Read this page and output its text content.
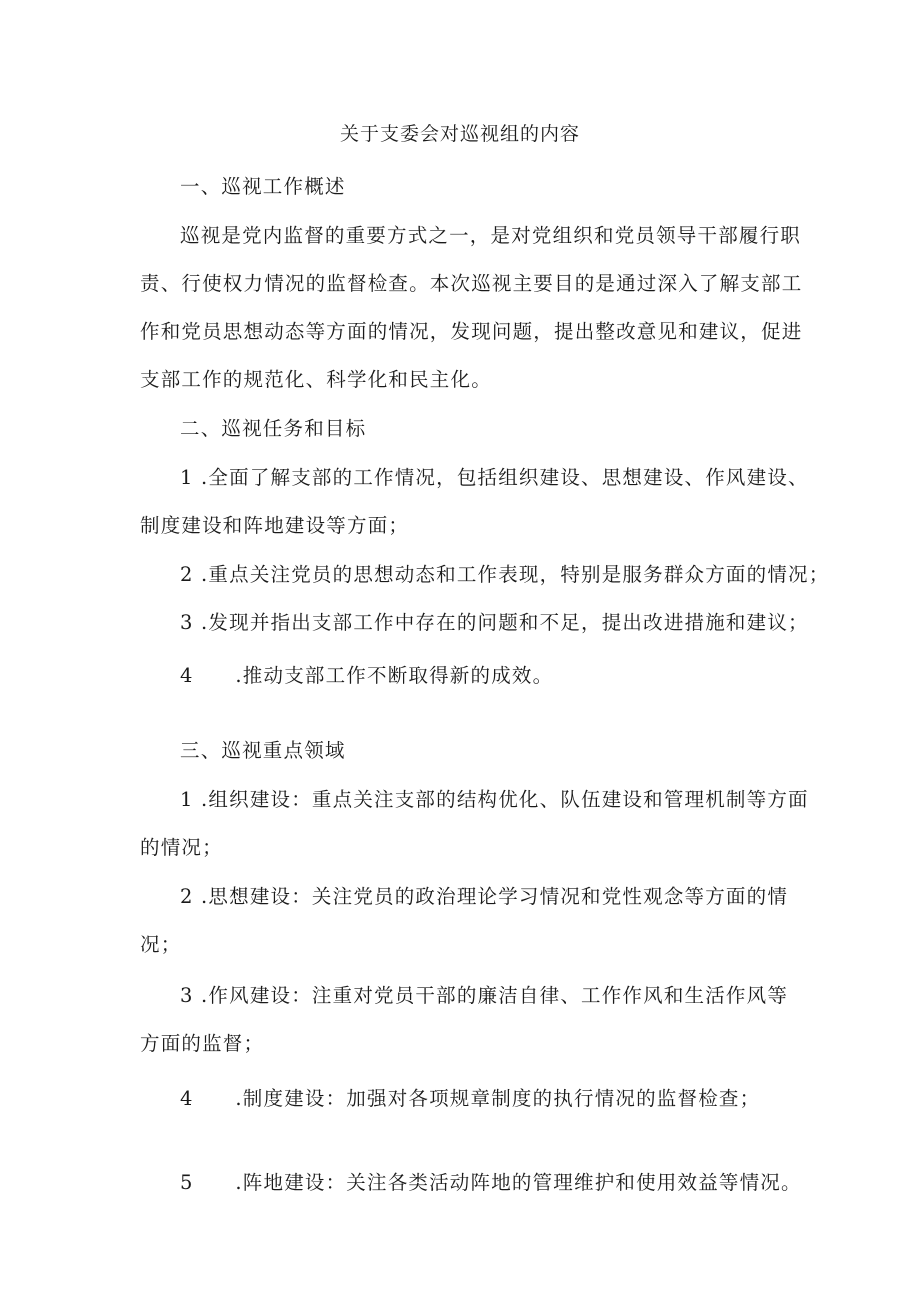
关于支委会对巡视组的内容
一、巡视工作概述
巡视是党内监督的重要方式之一，是对党组织和党员领导干部履行职
责、行使权力情况的监督检查。本次巡视主要目的是通过深入了解支部工
作和党员思想动态等方面的情况，发现问题，提出整改意见和建议，促进
支部工作的规范化、科学化和民主化。
二、巡视任务和目标
1 .全面了解支部的工作情况，包括组织建设、思想建设、作风建设、
制度建设和阵地建设等方面；
2 .重点关注党员的思想动态和工作表现，特别是服务群众方面的情况；
3 .发现并指出支部工作中存在的问题和不足，提出改进措施和建议；
4 .推动支部工作不断取得新的成效。
三、巡视重点领域
1 .组织建设：重点关注支部的结构优化、队伍建设和管理机制等方面
的情况；
2 .思想建设：关注党员的政治理论学习情况和党性观念等方面的情
况；
3 .作风建设：注重对党员干部的廉洁自律、工作作风和生活作风等
方面的监督；
4 .制度建设：加强对各项规章制度的执行情况的监督检查；
5 .阵地建设：关注各类活动阵地的管理维护和使用效益等情况。
